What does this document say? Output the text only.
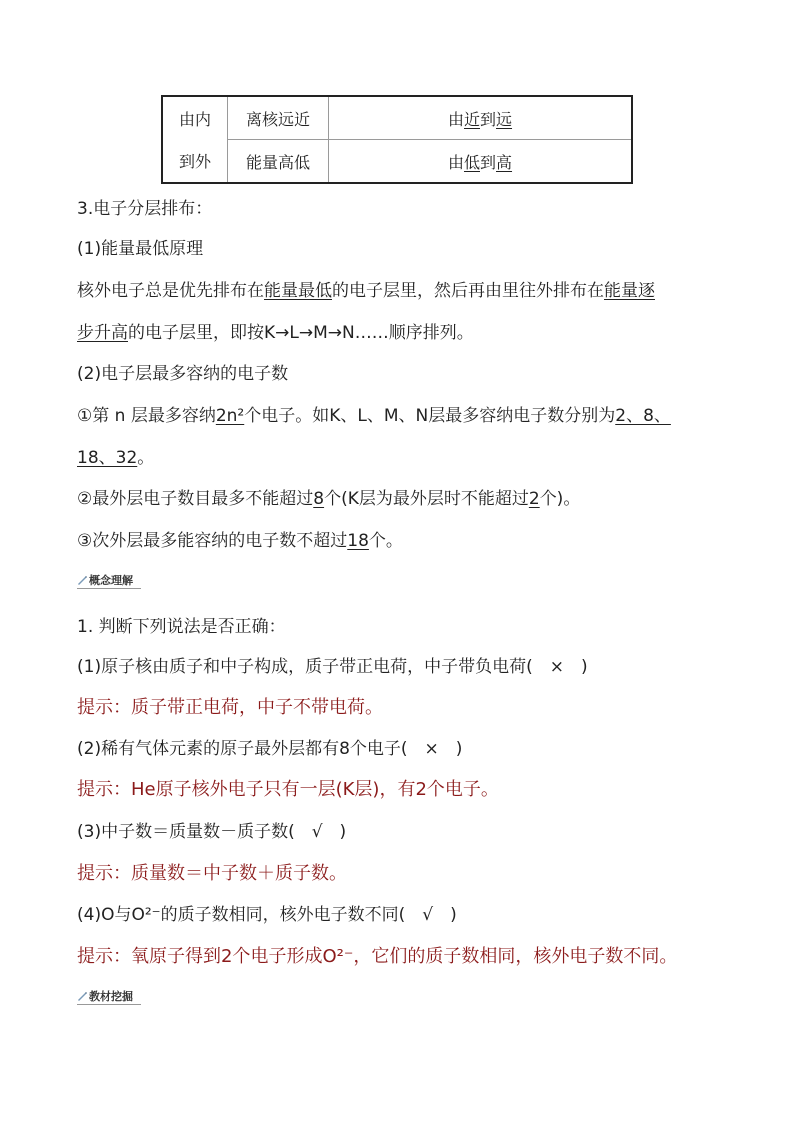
由内	离核远近	由近到远
到外	能量高低	由低到高
3.电子分层排布：
(1)能量最低原理
核外电子总是优先排布在能量最低的电子层里，然后再由里往外排布在能量逐
步升高的电子层里，即按K→L→M→N……顺序排列。
(2)电子层最多容纳的电子数
①第 n 层最多容纳2n²个电子。如K、L、M、N层最多容纳电子数分别为2、8、
18、32。
②最外层电子数目最多不能超过8个(K层为最外层时不能超过2个)。
③次外层最多能容纳的电子数不超过18个。
概念理解
1. 判断下列说法是否正确：
(1)原子核由质子和中子构成，质子带正电荷，中子带负电荷(　×　)
提示：质子带正电荷，中子不带电荷。
(2)稀有气体元素的原子最外层都有8个电子(　×　)
提示：He原子核外电子只有一层(K层)，有2个电子。
(3)中子数＝质量数－质子数(　√　)
提示：质量数＝中子数＋质子数。
(4)O与O²⁻的质子数相同，核外电子数不同(　√　)
提示：氧原子得到2个电子形成O²⁻，它们的质子数相同，核外电子数不同。
教材挖掘
